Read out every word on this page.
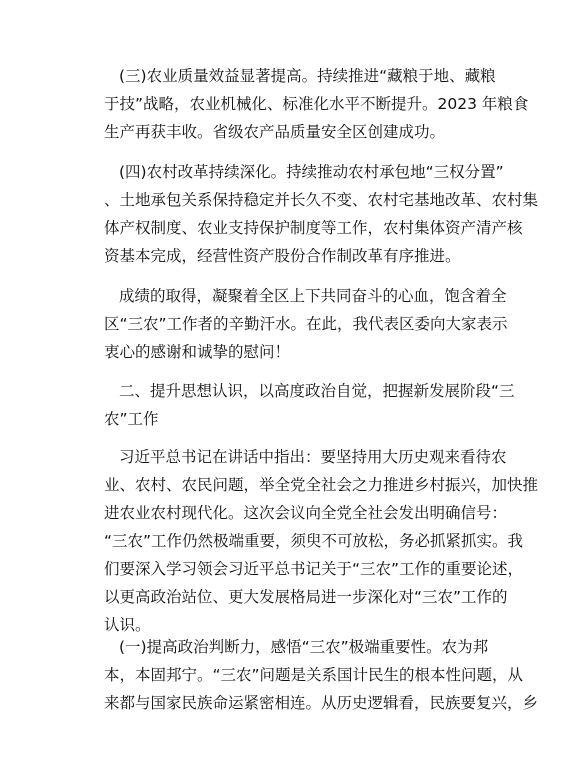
(三)农业质量效益显著提高。持续推进“藏粮于地、藏粮
于技”战略，农业机械化、标准化水平不断提升。2023 年粮食
生产再获丰收。省级农产品质量安全区创建成功。
(四)农村改革持续深化。持续推动农村承包地“三权分置”
、土地承包关系保持稳定并长久不变、农村宅基地改革、农村集
体产权制度、农业支持保护制度等工作，农村集体资产清产核
资基本完成，经营性资产股份合作制改革有序推进。
成绩的取得，凝聚着全区上下共同奋斗的心血，饱含着全
区“三农”工作者的辛勤汗水。在此，我代表区委向大家表示
衷心的感谢和诚挚的慰问！
二、提升思想认识，以高度政治自觉，把握新发展阶段“三
农”工作
习近平总书记在讲话中指出：要坚持用大历史观来看待农
业、农村、农民问题，举全党全社会之力推进乡村振兴，加快推
进农业农村现代化。这次会议向全党全社会发出明确信号：
“三农”工作仍然极端重要，须臾不可放松，务必抓紧抓实。我
们要深入学习领会习近平总书记关于“三农”工作的重要论述，
以更高政治站位、更大发展格局进一步深化对“三农”工作的
认识。
(一)提高政治判断力，感悟“三农”极端重要性。农为邦
本，本固邦宁。“三农”问题是关系国计民生的根本性问题，从
来都与国家民族命运紧密相连。从历史逻辑看，民族要复兴，乡
